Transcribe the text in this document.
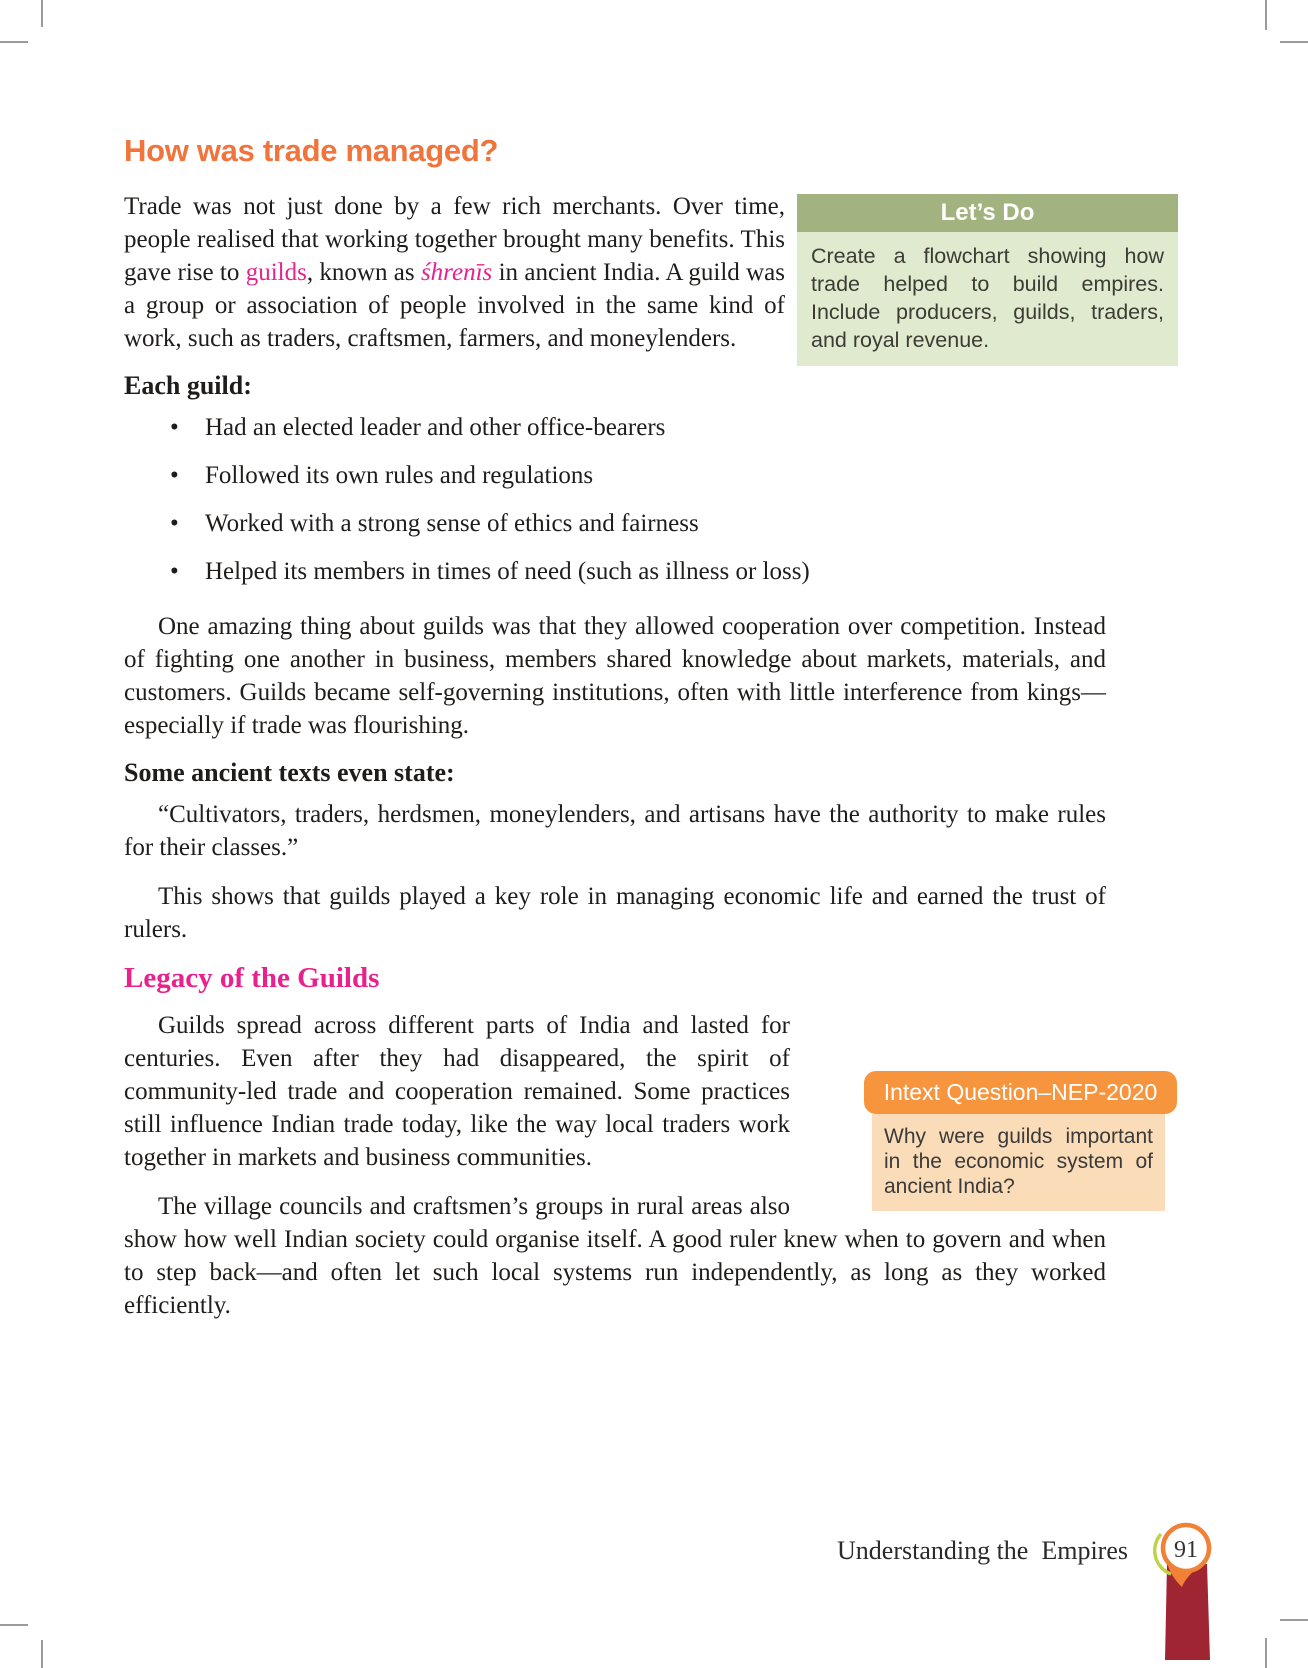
How was trade managed?
Let’s Do
Create a flowchart showing how trade helped to build empires. Include producers, guilds, traders, and royal revenue.

Trade was not just done by a few rich merchants. Over time, people realised that working together brought many benefits. This gave rise to guilds, known as śhrenīs in ancient India. A guild was a group or association of people involved in the same kind of work, such as traders, craftsmen, farmers, and moneylenders.

Each guild:

• Had an elected leader and other office-bearers
• Followed its own rules and regulations
• Worked with a strong sense of ethics and fairness
• Helped its members in times of need (such as illness or loss)

One amazing thing about guilds was that they allowed cooperation over competition. Instead of fighting one another in business, members shared knowledge about markets, materials, and customers. Guilds became self-governing institutions, often with little interference from kings—especially if trade was flourishing.

Some ancient texts even state:

“Cultivators, traders, herdsmen, moneylenders, and artisans have the authority to make rules for their classes.”

This shows that guilds played a key role in managing economic life and earned the trust of rulers.

Legacy of the Guilds
Intext Question–NEP-2020
Why were guilds important in the economic system of ancient India?

Guilds spread across different parts of India and lasted for centuries. Even after they had disappeared, the spirit of community-led trade and cooperation remained. Some practices still influence Indian trade today, like the way local traders work together in markets and business communities.

The village councils and craftsmen’s groups in rural areas also show how well Indian society could organise itself. A good ruler knew when to govern and when to step back—and often let such local systems run independently, as long as they worked efficiently.

Understanding the  Empires 91
